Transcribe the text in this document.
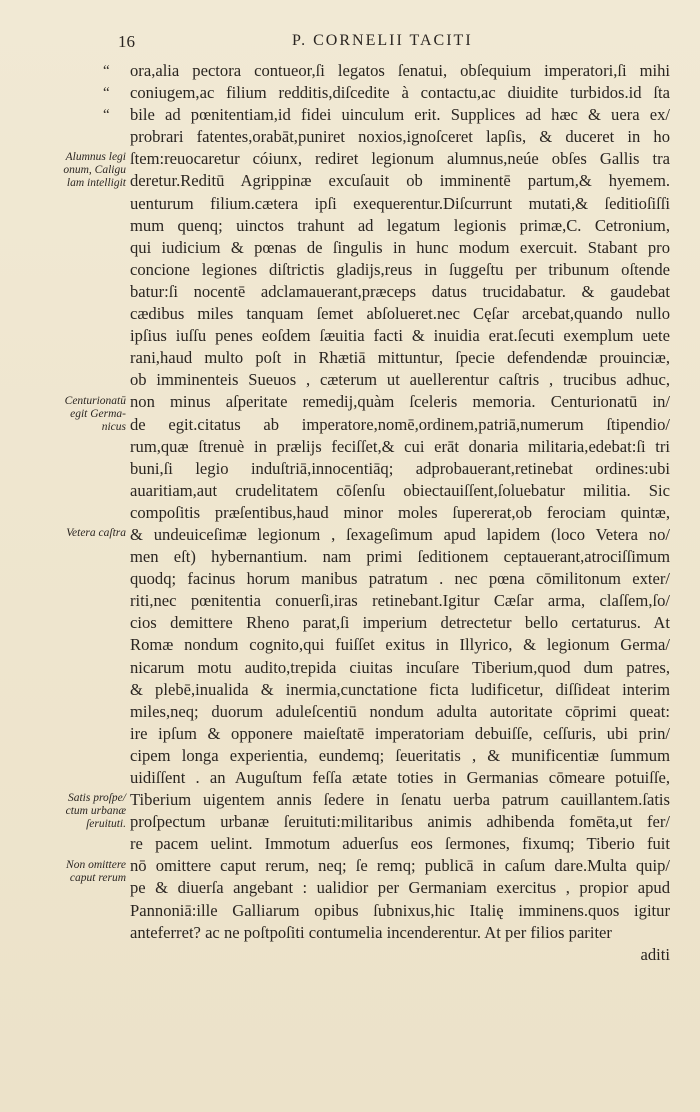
16	P. CORNELII TACITI
“
“
“
Alumnus legi
onum, Caligu
lam intelligit
Centurionatū
egit Germa-
nicus
Vetera caſtra
Satis proſpe/
ctum urbanæ
ſeruituti.
Non omittere
caput rerum
ora,alia pectora contueor,ſi legatos ſenatui, obſequium imperatori,ſi mihi
coniugem,ac filium redditis,diſcedite à contactu,ac diuidite turbidos.id ſta
bile ad pœnitentiam,id fidei uinculum erit. Supplices ad hæc & uera ex/
probrari fatentes,orabāt,puniret noxios,ignoſceret lapſis, & duceret in ho
ſtem:reuocaretur cóiunx, rediret legionum alumnus,neúe obſes Gallis tra
deretur.Reditū Agrippinæ excuſauit ob imminentē partum,& hyemem.
uenturum filium.cætera ipſi exequerentur.Diſcurrunt mutati,& ſeditioſiſſi
mum quenq; uinctos trahunt ad legatum legionis primæ,C. Cetronium,
qui iudicium & pœnas de ſingulis in hunc modum exercuit. Stabant pro
concione legiones diſtrictis gladijs,reus in ſuggeſtu per tribunum oſtende
batur:ſi nocentē adclamauerant,præceps datus trucidabatur. & gaudebat
cædibus miles tanquam ſemet abſolueret.nec Cęſar arcebat,quando nullo
ipſius iuſſu penes eoſdem ſæuitia facti & inuidia erat.ſecuti exemplum uete
rani,haud multo poſt in Rhætiā mittuntur, ſpecie defendendæ prouinciæ,
ob imminenteis Sueuos , cæterum ut auellerentur caſtris , trucibus adhuc,
non minus aſperitate remedij,quàm ſceleris memoria. Centurionatū in/
de egit.citatus ab imperatore,nomē,ordinem,patriā,numerum ſtipendio/
rum,quæ ſtrenuè in prælijs feciſſet,& cui erāt donaria militaria,edebat:ſi tri
buni,ſi legio induſtriā,innocentiāq; adprobauerant,retinebat ordines:ubi
auaritiam,aut crudelitatem cōſenſu obiectauiſſent,ſoluebatur militia. Sic
compoſitis præſentibus,haud minor moles ſupererat,ob ferociam quintæ,
& undeuiceſimæ legionum , ſexageſimum apud lapidem (loco Vetera no/
men eſt) hybernantium. nam primi ſeditionem ceptauerant,atrociſſimum
quodq; facinus horum manibus patratum . nec pœna cōmilitonum exter/
riti,nec pœnitentia conuerſi,iras retinebant.Igitur Cæſar arma, claſſem,ſo/
cios demittere Rheno parat,ſi imperium detrectetur bello certaturus. At
Romæ nondum cognito,qui fuiſſet exitus in Illyrico, & legionum Germa/
nicarum motu audito,trepida ciuitas incuſare Tiberium,quod dum patres,
& plebē,inualida & inermia,cunctatione ficta ludificetur, diſſideat interim
miles,neq; duorum aduleſcentiū nondum adulta autoritate cōprimi queat:
ire ipſum & opponere maieſtatē imperatoriam debuiſſe, ceſſuris, ubi prin/
cipem longa experientia, eundemq; ſeueritatis , & munificentiæ ſummum
uidiſſent . an Auguſtum feſſa ætate toties in Germanias cōmeare potuiſſe,
Tiberium uigentem annis ſedere in ſenatu uerba patrum cauillantem.ſatis
proſpectum urbanæ ſeruituti:militaribus animis adhibenda fomēta,ut fer/
re pacem uelint. Immotum aduerſus eos ſermones, fixumq; Tiberio fuit
nō omittere caput rerum, neq; ſe remq; publicā in caſum dare.Multa quip/
pe & diuerſa angebant : ualidior per Germaniam exercitus , propior apud
Pannoniā:ille Galliarum opibus ſubnixus,hic Italię imminens.quos igitur
anteferret? ac ne poſtpoſiti contumelia incenderentur. At per filios pariter
aditi
